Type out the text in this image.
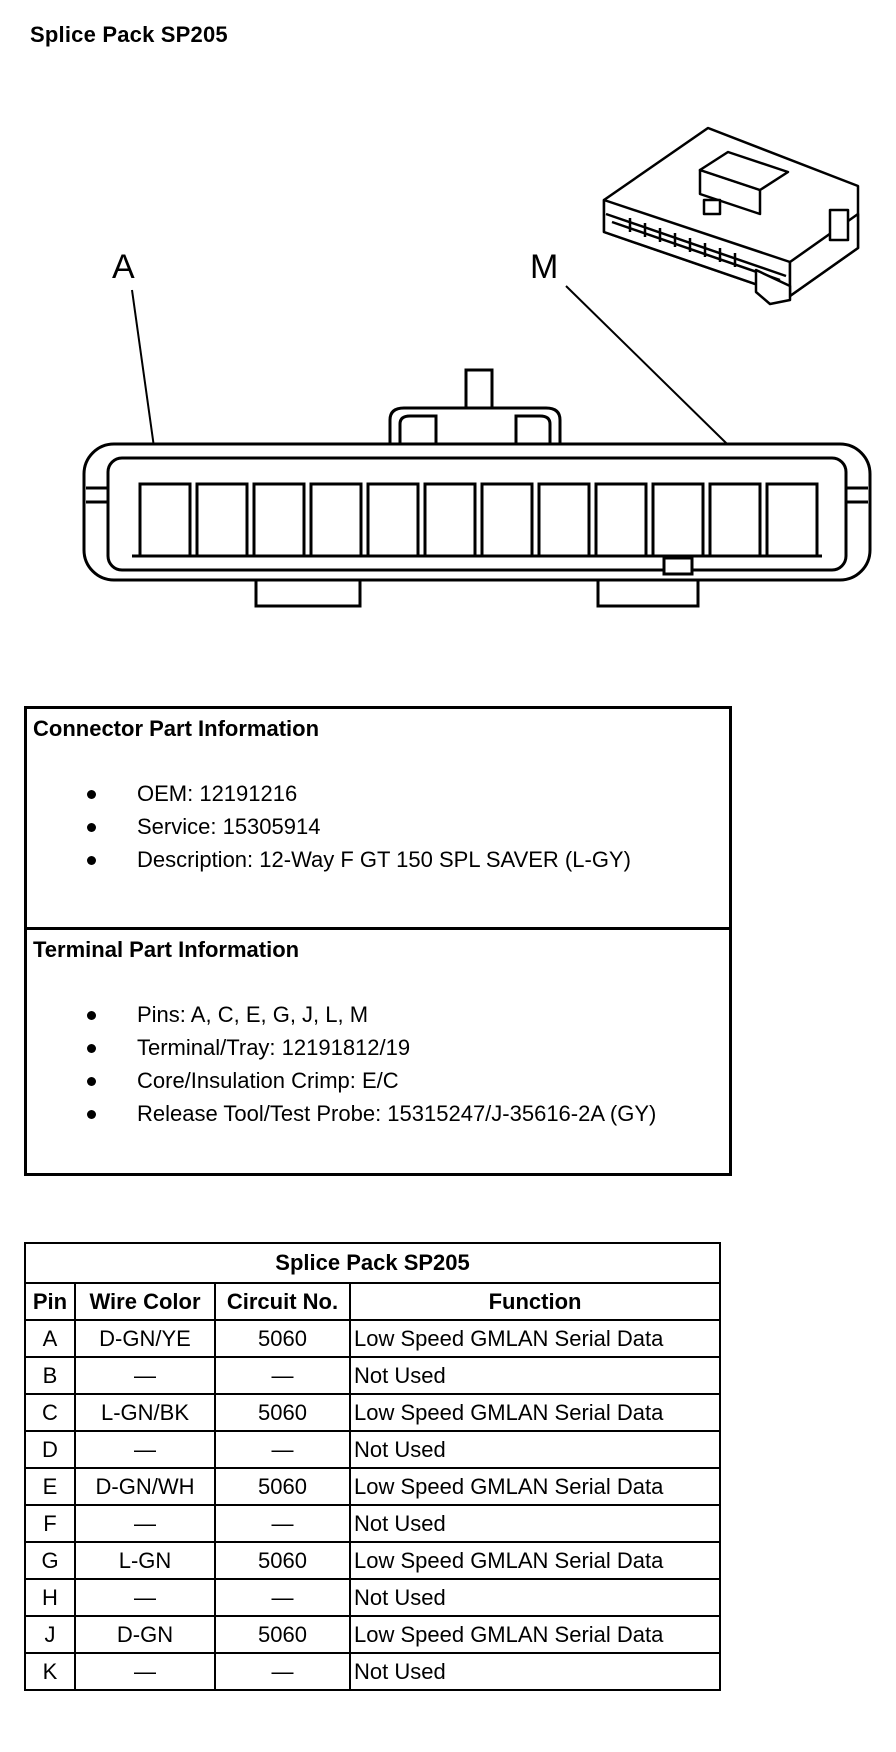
Splice Pack SP205
A	M
Connector Part Information
OEM: 12191216
Service: 15305914
Description: 12-Way F GT 150 SPL SAVER (L-GY)
Terminal Part Information
Pins: A, C, E, G, J, L, M
Terminal/Tray: 12191812/19
Core/Insulation Crimp: E/C
Release Tool/Test Probe: 15315247/J-35616-2A (GY)
Splice Pack SP205			
Pin	Wire Color	Circuit No.	Function
A	D-GN/YE	5060	Low Speed GMLAN Serial Data
B	—	—	Not Used
C	L-GN/BK	5060	Low Speed GMLAN Serial Data
D	—	—	Not Used
E	D-GN/WH	5060	Low Speed GMLAN Serial Data
F	—	—	Not Used
G	L-GN	5060	Low Speed GMLAN Serial Data
H	—	—	Not Used
J	D-GN	5060	Low Speed GMLAN Serial Data
K	—	—	Not Used
